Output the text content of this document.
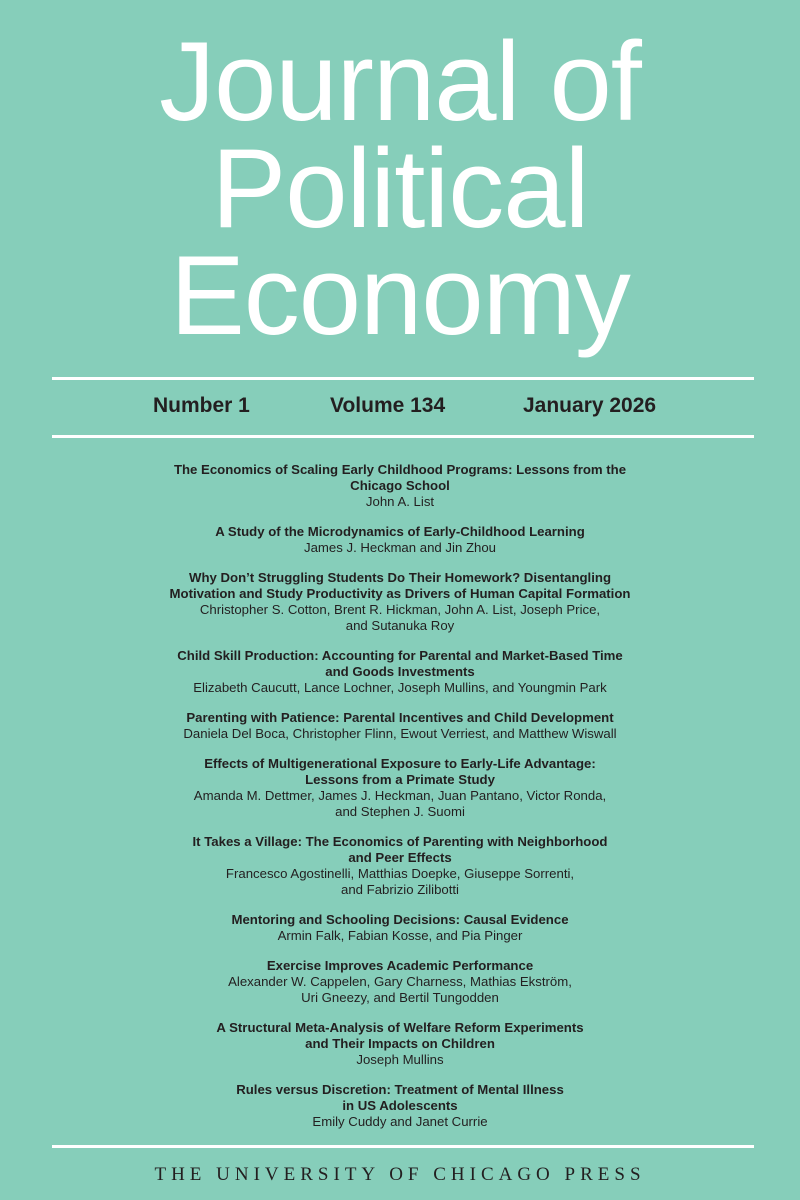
Journal of
Political
Economy
Number 1	Volume 134	January 2026
The Economics of Scaling Early Childhood Programs: Lessons from the
Chicago School
John A. List
A Study of the Microdynamics of Early-Childhood Learning
James J. Heckman and Jin Zhou
Why Don’t Struggling Students Do Their Homework? Disentangling
Motivation and Study Productivity as Drivers of Human Capital Formation
Christopher S. Cotton, Brent R. Hickman, John A. List, Joseph Price,
and Sutanuka Roy
Child Skill Production: Accounting for Parental and Market-Based Time
and Goods Investments
Elizabeth Caucutt, Lance Lochner, Joseph Mullins, and Youngmin Park
Parenting with Patience: Parental Incentives and Child Development
Daniela Del Boca, Christopher Flinn, Ewout Verriest, and Matthew Wiswall
Effects of Multigenerational Exposure to Early-Life Advantage:
Lessons from a Primate Study
Amanda M. Dettmer, James J. Heckman, Juan Pantano, Victor Ronda,
and Stephen J. Suomi
It Takes a Village: The Economics of Parenting with Neighborhood
and Peer Effects
Francesco Agostinelli, Matthias Doepke, Giuseppe Sorrenti,
and Fabrizio Zilibotti
Mentoring and Schooling Decisions: Causal Evidence
Armin Falk, Fabian Kosse, and Pia Pinger
Exercise Improves Academic Performance
Alexander W. Cappelen, Gary Charness, Mathias Ekström,
Uri Gneezy, and Bertil Tungodden
A Structural Meta-Analysis of Welfare Reform Experiments
and Their Impacts on Children
Joseph Mullins
Rules versus Discretion: Treatment of Mental Illness
in US Adolescents
Emily Cuddy and Janet Currie
THE UNIVERSITY OF CHICAGO PRESS
